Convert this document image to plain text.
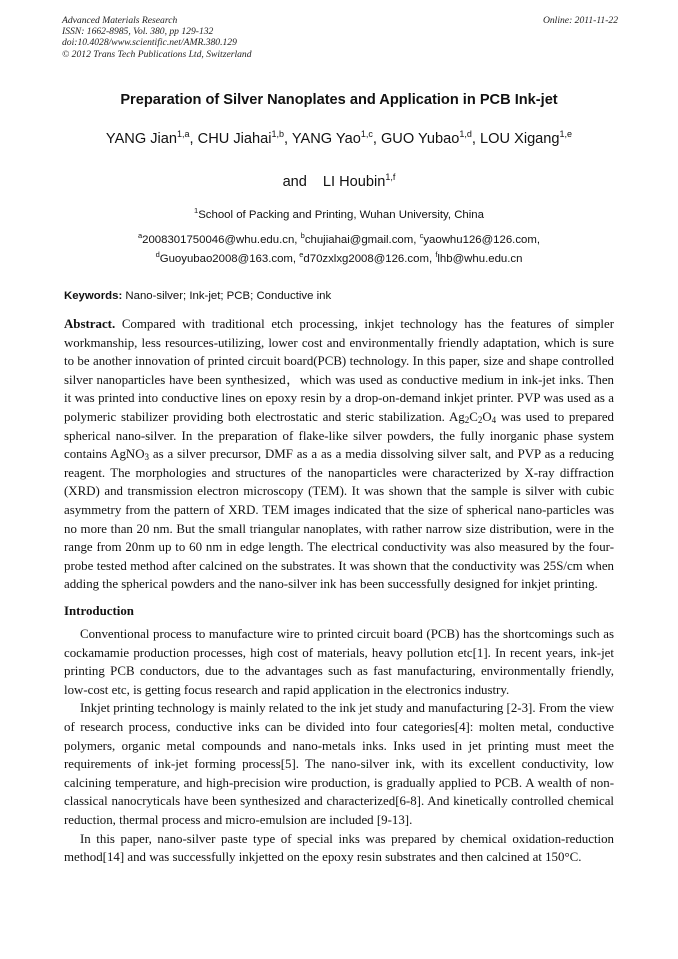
Advanced Materials Research
ISSN: 1662-8985, Vol. 380, pp 129-132
doi:10.4028/www.scientific.net/AMR.380.129
© 2012 Trans Tech Publications Ltd, Switzerland
Online: 2011-11-22
Preparation of Silver Nanoplates and Application in PCB Ink-jet
YANG Jian$^{1,a}$, CHU Jiahai$^{1,b}$, YANG Yao$^{1,c}$, GUO Yubao$^{1,d}$, LOU Xigang$^{1,e}$
and LI Houbin$^{1,f}$
$^1$School of Packing and Printing, Wuhan University, China
$^a$2008301750046@whu.edu.cn, $^b$chujiahai@gmail.com, $^c$yaowhu126@126.com,
$^d$Guoyubao2008@163.com, $^e$d70zxlxg2008@126.com, $^f$lhb@whu.edu.cn
Keywords: Nano-silver; Ink-jet; PCB; Conductive ink

Abstract. Compared with traditional etch processing, inkjet technology has the features of simpler workmanship, less resources-utilizing, lower cost and environmentally friendly adaptation, which is sure to be another innovation of printed circuit board(PCB) technology. In this paper, size and shape controlled silver nanoparticles have been synthesized，which was used as conductive medium in ink-jet inks. Then it was printed into conductive lines on epoxy resin by a drop-on-demand inkjet printer. PVP was used as a polymeric stabilizer providing both electrostatic and steric stabilization. $Ag_2C_2O_4$ was used to prepared spherical nano-silver. In the preparation of flake-like silver powders, the fully inorganic phase system contains AgNO$_3$ as a silver precursor, DMF as a as a media dissolving silver salt, and PVP as a reducing reagent. The morphologies and structures of the nanoparticles were characterized by X-ray diffraction (XRD) and transmission electron microscopy (TEM). It was shown that the sample is silver with cubic asymmetry from the pattern of XRD. TEM images indicated that the size of spherical nano-particles was no more than 20 nm. But the small triangular nanoplates, with rather narrow size distribution, were in the range from 20nm up to 60 nm in edge length. The electrical conductivity was also measured by the four-probe tested method after calcined on the substrates. It was shown that the conductivity was 25S/cm when adding the spherical powders and the nano-silver ink has been successfully designed for inkjet printing.

Introduction

Conventional process to manufacture wire to printed circuit board (PCB) has the shortcomings such as cockamamie production processes, high cost of materials, heavy pollution etc[1]. In recent years, ink-jet printing PCB conductors, due to the advantages such as fast manufacturing, environmentally friendly, low-cost etc, is getting focus research and rapid application in the electronics industry.

Inkjet printing technology is mainly related to the ink jet study and manufacturing [2-3]. From the view of research process, conductive inks can be divided into four categories[4]: molten metal, conductive polymers, organic metal compounds and nano-metals inks. Inks used in jet printing must meet the requirements of ink-jet forming process[5]. The nano-silver ink, with its excellent conductivity, low calcining temperature, and high-precision wire production, is gradually applied to PCB. A wealth of non-classical nanocryticals have been synthesized and characterized[6-8]. And kinetically controlled chemical reduction, thermal process and micro-emulsion are included [9-13].

In this paper, nano-silver paste type of special inks was prepared by chemical oxidation-reduction method[14] and was successfully inkjetted on the epoxy resin substrates and then calcined at 150°C.
